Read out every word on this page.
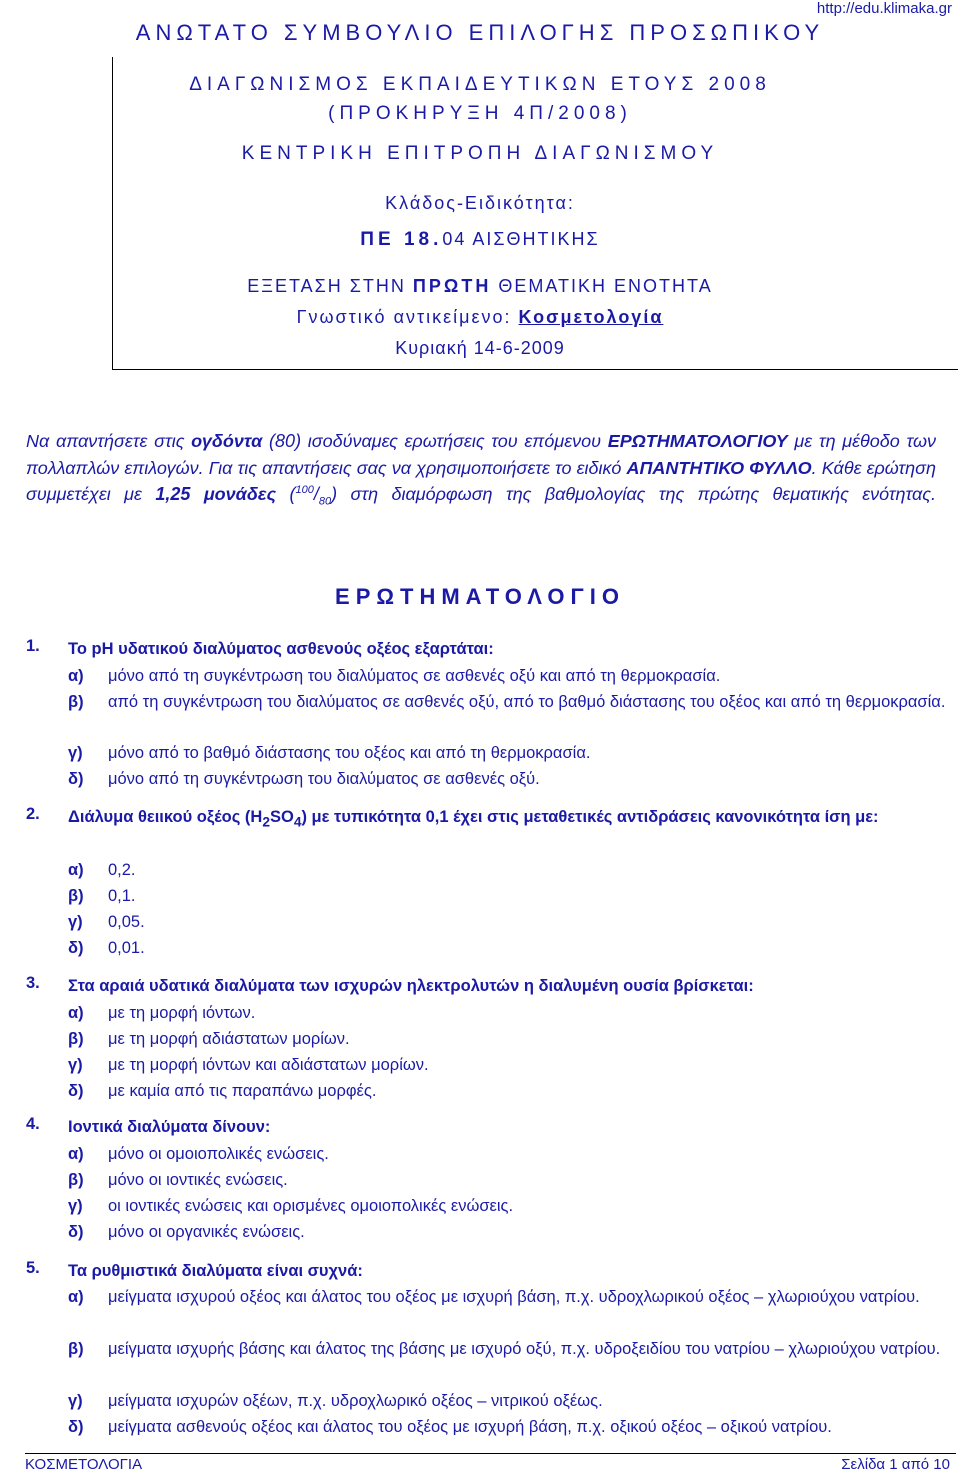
http://edu.klimaka.gr
ΑΝΩΤΑΤΟ ΣΥΜΒΟΥΛΙΟ ΕΠΙΛΟΓΗΣ ΠΡΟΣΩΠΙΚΟΥ
ΔΙΑΓΩΝΙΣΜΟΣ ΕΚΠΑΙΔΕΥΤΙΚΩΝ ΕΤΟΥΣ 2008
(ΠΡΟΚΗΡΥΞΗ 4Π/2008)
ΚΕΝΤΡΙΚΗ ΕΠΙΤΡΟΠΗ ΔΙΑΓΩΝΙΣΜΟΥ
Κλάδος-Ειδικότητα:
ΠΕ 18.04 ΑΙΣΘΗΤΙΚΗΣ
ΕΞΕΤΑΣΗ ΣΤΗΝ ΠΡΩΤΗ ΘΕΜΑΤΙΚΗ ΕΝΟΤΗΤΑ
Γνωστικό αντικείμενο: Κοσμετολογία
Κυριακή 14-6-2009
Να απαντήσετε στις ογδόντα (80) ισοδύναμες ερωτήσεις του επόμενου ΕΡΩΤΗΜΑΤΟΛΟΓΙΟΥ με τη μέθοδο των πολλαπλών επιλογών. Για τις απαντήσεις σας να χρησιμοποιήσετε το ειδικό ΑΠΑΝΤΗΤΙΚΟ ΦΥΛΛΟ. Κάθε ερώτηση συμμετέχει με 1,25 μονάδες $(^{100}/_{80})$ στη διαμόρφωση της βαθμολογίας της πρώτης θεματικής ενότητας.
ΕΡΩΤΗΜΑΤΟΛΟΓΙΟ
1. Το pH υδατικού διαλύματος ασθενούς οξέος εξαρτάται:
α) μόνο από τη συγκέντρωση του διαλύματος σε ασθενές οξύ και από τη θερμοκρασία.
β) από τη συγκέντρωση του διαλύματος σε ασθενές οξύ, από το βαθμό διάστασης του οξέος και από τη θερμοκρασία.
γ) μόνο από το βαθμό διάστασης του οξέος και από τη θερμοκρασία.
δ) μόνο από τη συγκέντρωση του διαλύματος σε ασθενές οξύ.
2. Διάλυμα θειικού οξέος $(H_2SO_4)$ με τυπικότητα 0,1 έχει στις μεταθετικές αντιδράσεις κανονικότητα ίση με:
α) 0,2.
β) 0,1.
γ) 0,05.
δ) 0,01.
3. Στα αραιά υδατικά διαλύματα των ισχυρών ηλεκτρολυτών η διαλυμένη ουσία βρίσκεται:
α) με τη μορφή ιόντων.
β) με τη μορφή αδιάστατων μορίων.
γ) με τη μορφή ιόντων και αδιάστατων μορίων.
δ) με καμία από τις παραπάνω μορφές.
4. Ιοντικά διαλύματα δίνουν:
α) μόνο οι ομοιοπολικές ενώσεις.
β) μόνο οι ιοντικές ενώσεις.
γ) οι ιοντικές ενώσεις και ορισμένες ομοιοπολικές ενώσεις.
δ) μόνο οι οργανικές ενώσεις.
5. Τα ρυθμιστικά διαλύματα είναι συχνά:
α) μείγματα ισχυρού οξέος και άλατος του οξέος με ισχυρή βάση, π.χ. υδροχλωρικού οξέος – χλωριούχου νατρίου.
β) μείγματα ισχυρής βάσης και άλατος της βάσης με ισχυρό οξύ, π.χ. υδροξειδίου του νατρίου – χλωριούχου νατρίου.
γ) μείγματα ισχυρών οξέων, π.χ. υδροχλωρικό οξέος – νιτρικού οξέως.
δ) μείγματα ασθενούς οξέος και άλατος του οξέος με ισχυρή βάση, π.χ. οξικού οξέος – οξικού νατρίου.
ΚΟΣΜΕΤΟΛΟΓΙΑ	Σελίδα 1 από 10
